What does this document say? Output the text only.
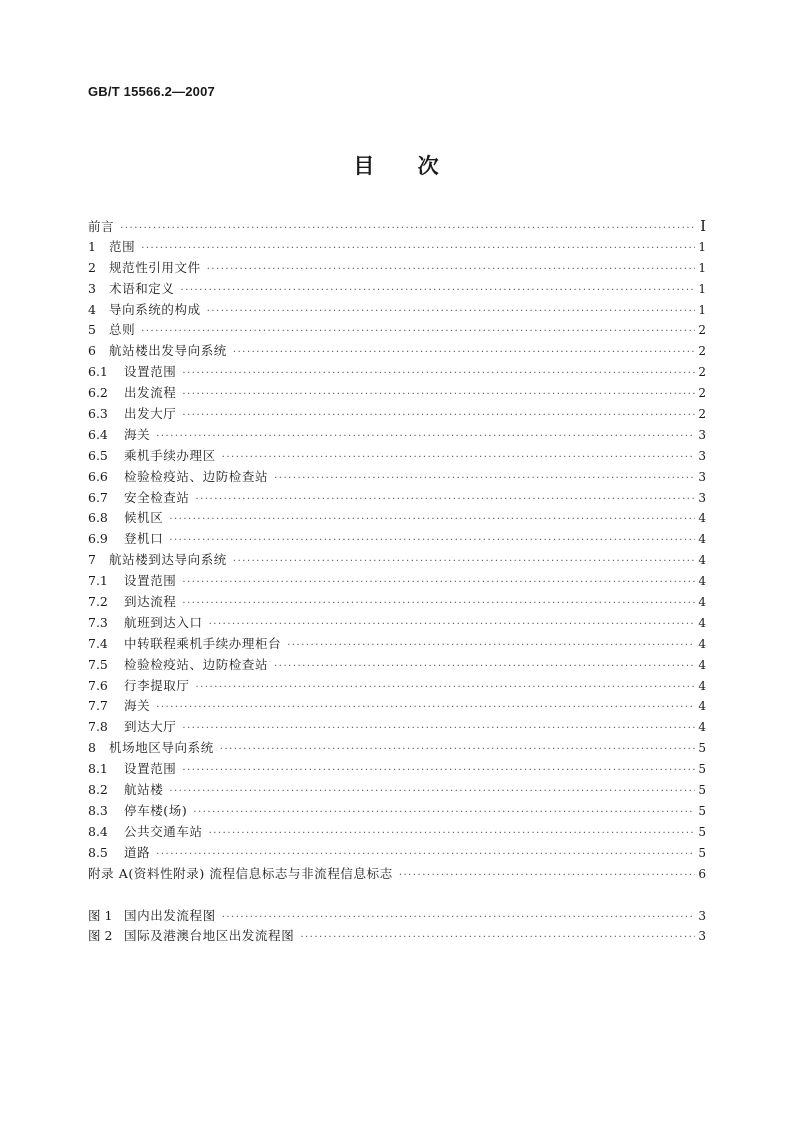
GB/T 15566.2—2007
目 次
前言 ·····	Ⅰ
1	范围 ·····	1
2	规范性引用文件 ·····	1
3	术语和定义 ·····	1
4	导向系统的构成 ·····	1
5	总则 ·····	2
6	航站楼出发导向系统 ·····	2
6.1	设置范围 ·····	2
6.2	出发流程 ·····	2
6.3	出发大厅 ·····	2
6.4	海关 ·····	3
6.5	乘机手续办理区 ·····	3
6.6	检验检疫站、边防检查站 ·····	3
6.7	安全检查站 ·····	3
6.8	候机区 ·····	4
6.9	登机口 ·····	4
7	航站楼到达导向系统 ·····	4
7.1	设置范围 ·····	4
7.2	到达流程 ·····	4
7.3	航班到达入口 ·····	4
7.4	中转联程乘机手续办理柜台 ·····	4
7.5	检验检疫站、边防检查站 ·····	4
7.6	行李提取厅 ·····	4
7.7	海关 ·····	4
7.8	到达大厅 ·····	4
8	机场地区导向系统 ·····	5
8.1	设置范围 ·····	5
8.2	航站楼 ·····	5
8.3	停车楼(场) ·····	5
8.4	公共交通车站 ·····	5
8.5	道路 ·····	5
附录 A(资料性附录) 流程信息标志与非流程信息标志 ·····	6
图 1 国内出发流程图 ·····	3
图 2 国际及港澳台地区出发流程图 ·····	3
